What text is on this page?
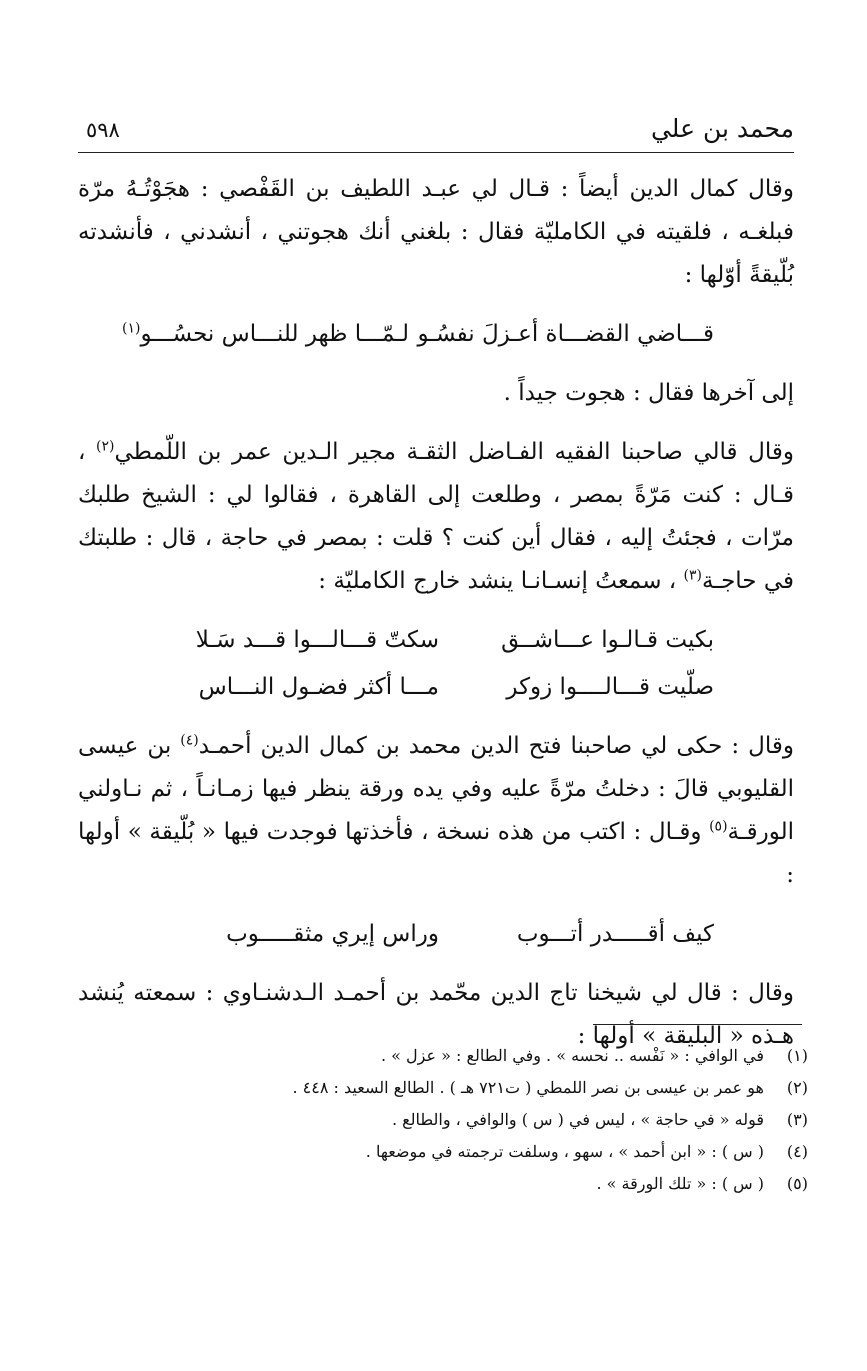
محمد بن علي
٥٩٨

وقال كمال الدين أيضاً : قـال لي عبـد اللطيف بن القَفْصي : هجَوْتُـهُ مرّة فبلغـه ، فلقيته في الكامليّة فقال : بلغني أنك هجوتني ، أنشدني ، فأنشدته بُلّيقةً أوّلها :

قـــاضي القضـــاة أعـزلَ نفسُـو
لـمّـــا ظهر للنـــاس نحسُـــو$^{(١)}$

إلى آخرها فقال : هجوت جيداً .

وقال قالي صاحبنا الفقيه الفـاضل الثقـة مجير الـدين عمر بن اللّمطي$^{(٢)}$ ، قـال : كنت مَرّةً بمصر ، وطلعت إلى القاهرة ، فقالوا لي : الشيخ طلبك مرّات ، فجئتُ إليه ، فقال أين كنت ؟ قلت : بمصر في حاجة ، قال : طلبتك في حاجـة$^{(٣)}$ ، سمعتُ إنسـانـا ينشد خارج الكامليّة :

بكيت قـالـوا عـــاشــق
سكتّ قـــالـــوا قـــد سَـلا
صلّيت قـــالــــوا زوكر
مـــا أكثر فضـول النـــاس

وقال : حكى لي صاحبنا فتح الدين محمد بن كمال الدين أحمـد$^{(٤)}$ بن عيسى القليوبي قالَ : دخلتُ مرّةً عليه وفي يده ورقة ينظر فيها زمـانـاً ، ثم نـاولني الورقـة$^{(٥)}$ وقـال : اكتب من هذه نسخة ، فأخذتها فوجدت فيها « بُلّيقة » أولها :

كيف أقـــــدر أتـــوب
وراس إيري مثقـــــوب

وقال : قال لي شيخنا تاج الدين محّمد بن أحمـد الـدشنـاوي : سمعته يُنشد هـذه « البليقة » أولها :

(١)
في الوافي : « نَفْسه .. نحسه » . وفي الطالع : « عزل » .
(٢)
هو عمر بن عيسى بن نصر اللمطي ( ت٧٢١ هـ ) . الطالع السعيد : ٤٤٨ .
(٣)
قوله « في حاجة » ، ليس في ( س ) والوافي ، والطالع .
(٤)
( س ) : « ابن أحمد » ، سهو ، وسلفت ترجمته في موضعها .
(٥)
( س ) : « تلك الورقة » .
